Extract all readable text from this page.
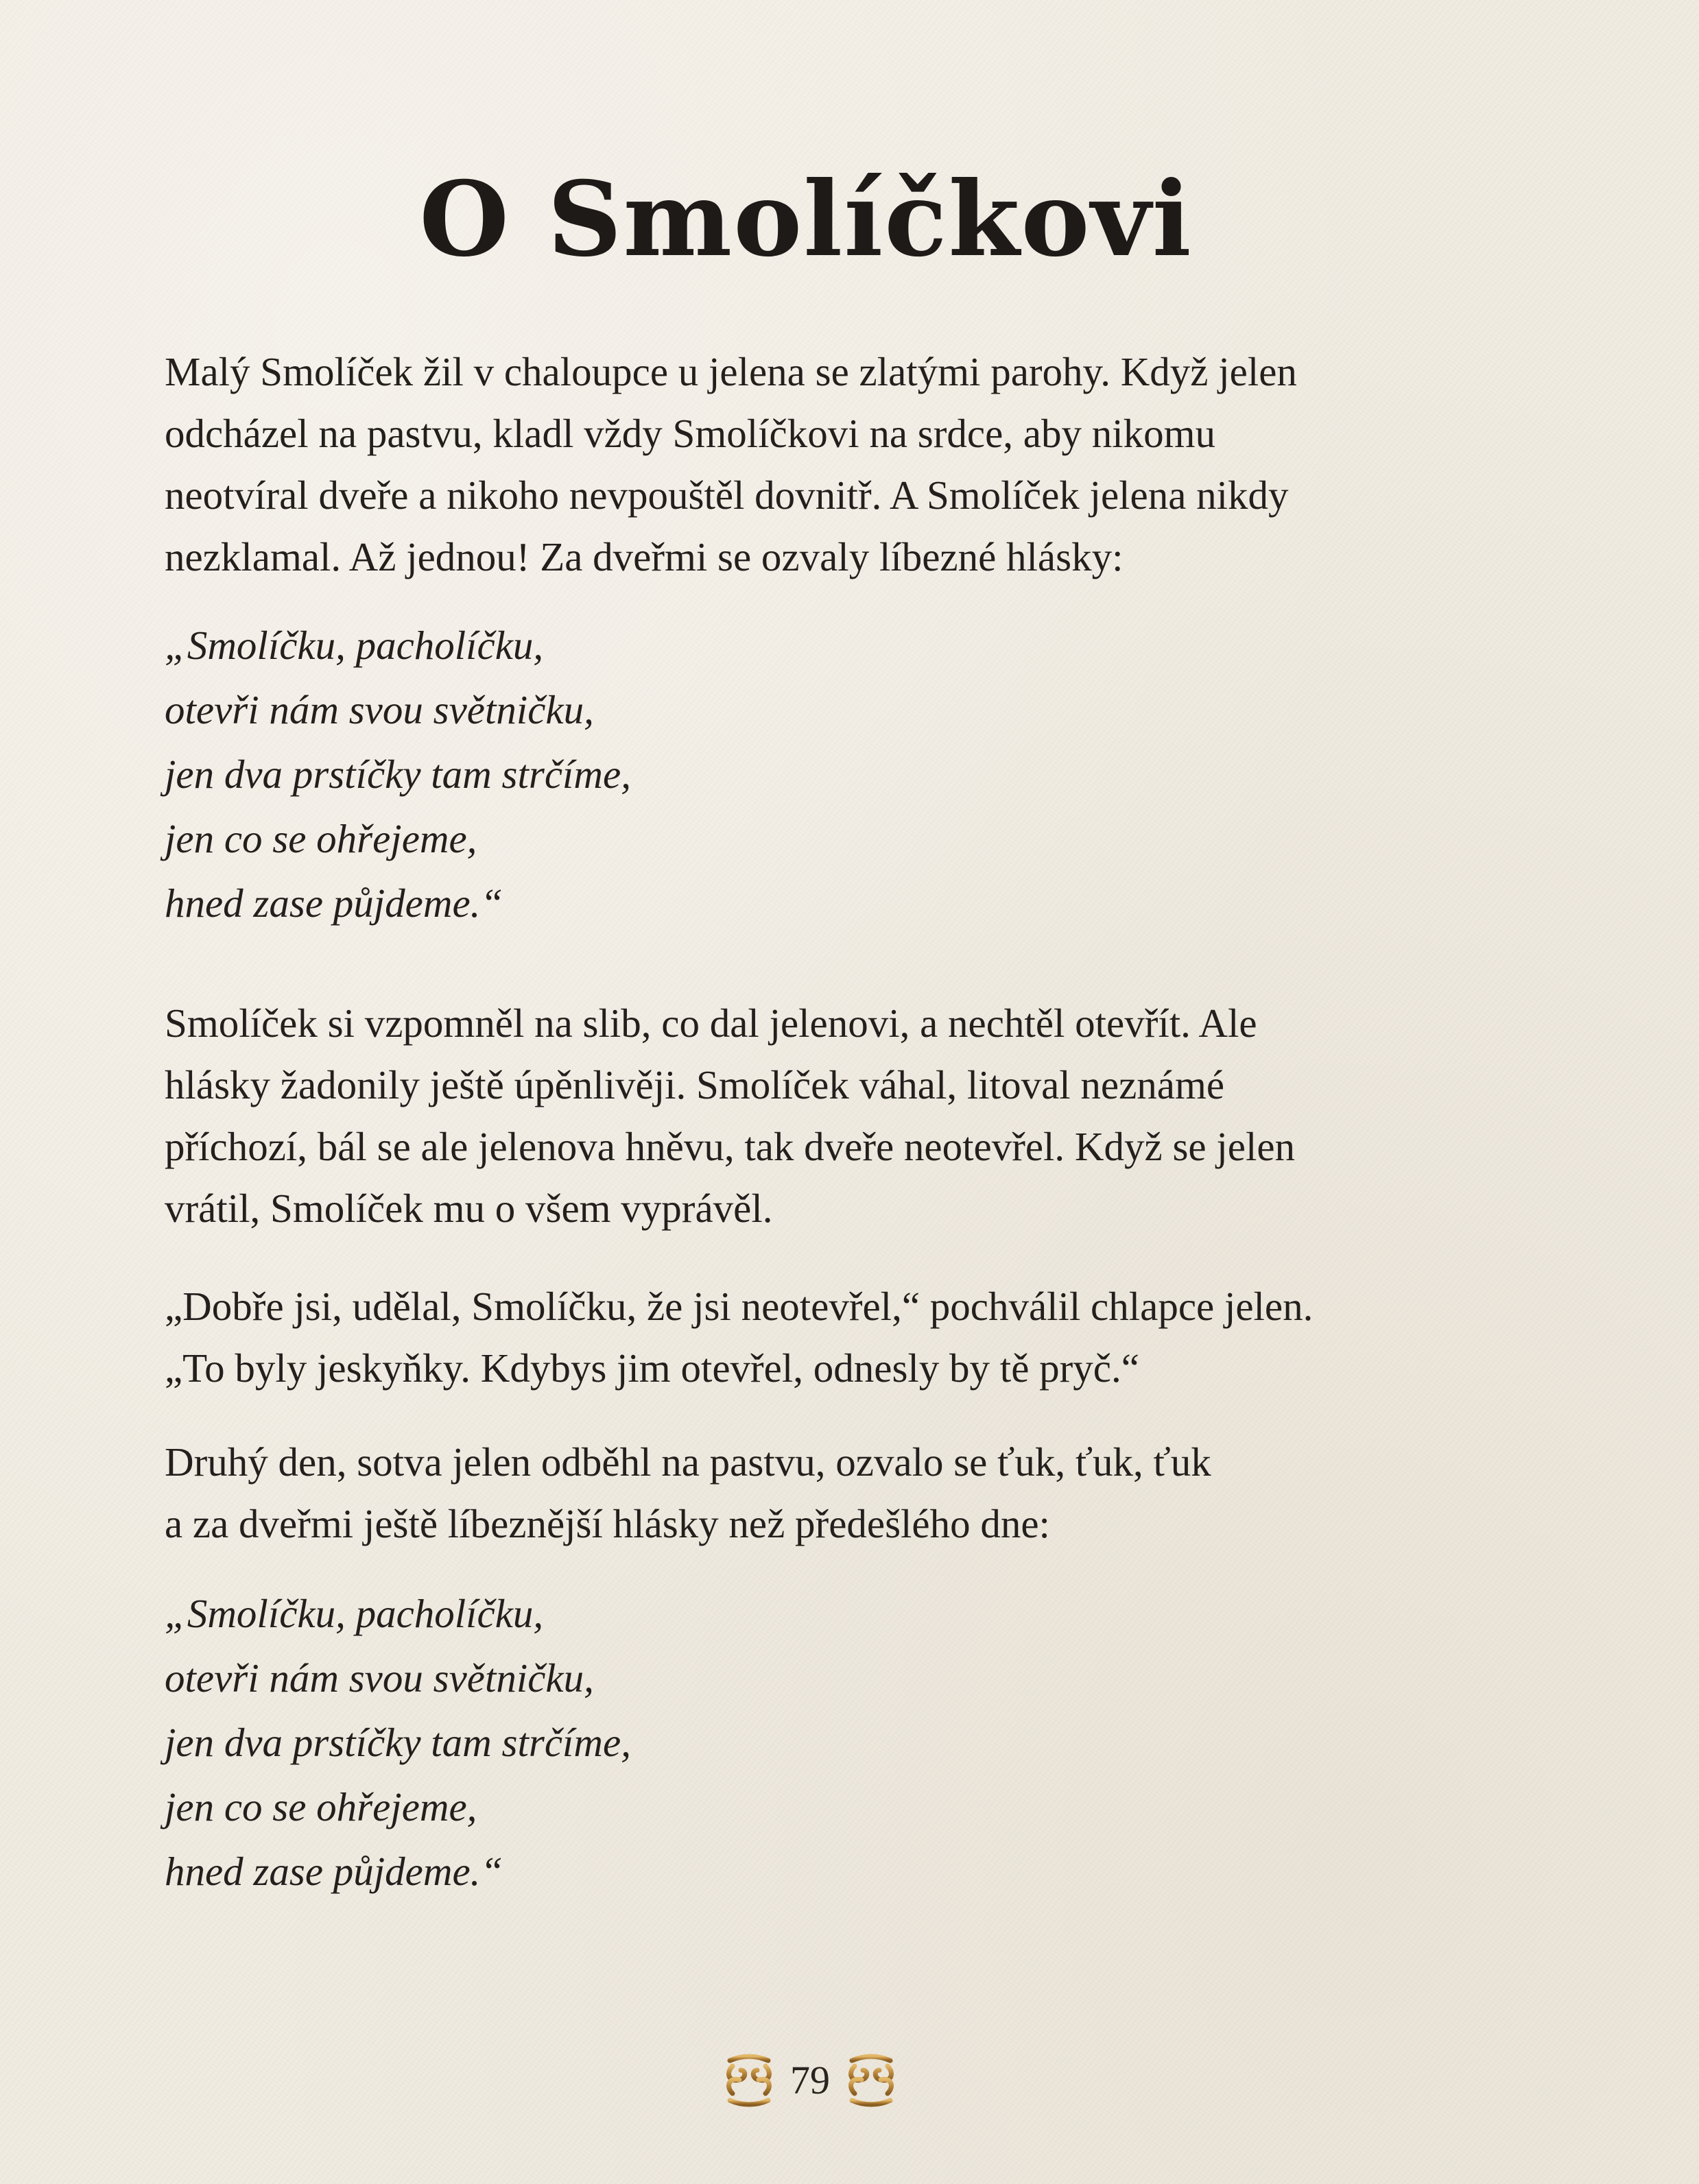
O Smolíčkovi

Malý Smolíček žil v chaloupce u jelena se zlatými parohy. Když jelen
odcházel na pastvu, kladl vždy Smolíčkovi na srdce, aby nikomu
neotvíral dveře a nikoho nevpouštěl dovnitř. A Smolíček jelena nikdy
nezklamal. Až jednou! Za dveřmi se ozvaly líbezné hlásky:

„Smolíčku, pacholíčku,
otevři nám svou světničku,
jen dva prstíčky tam strčíme,
jen co se ohřejeme,
hned zase půjdeme.“

Smolíček si vzpomněl na slib, co dal jelenovi, a nechtěl otevřít. Ale
hlásky žadonily ještě úpěnlivěji. Smolíček váhal, litoval neznámé
příchozí, bál se ale jelenova hněvu, tak dveře neotevřel. Když se jelen
vrátil, Smolíček mu o všem vyprávěl.

„Dobře jsi, udělal, Smolíčku, že jsi neotevřel,“ pochválil chlapce jelen.
„To byly jeskyňky. Kdybys jim otevřel, odnesly by tě pryč.“

Druhý den, sotva jelen odběhl na pastvu, ozvalo se ťuk, ťuk, ťuk
a za dveřmi ještě líbeznější hlásky než předešlého dne:

„Smolíčku, pacholíčku,
otevři nám svou světničku,
jen dva prstíčky tam strčíme,
jen co se ohřejeme,
hned zase půjdeme.“

79
